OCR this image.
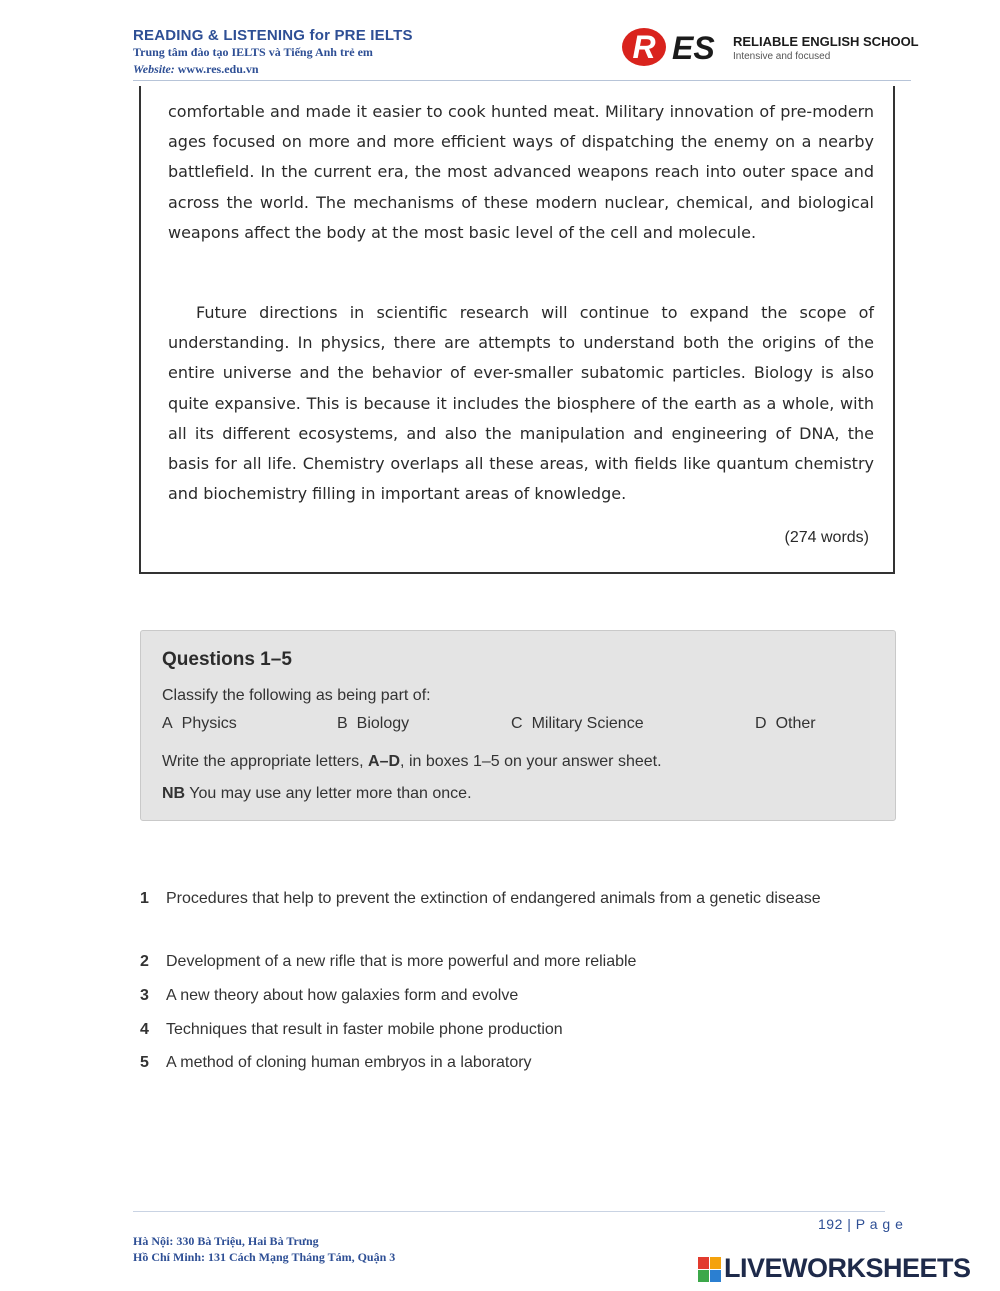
READING & LISTENING for PRE IELTS
Trung tâm đào tạo IELTS và Tiếng Anh trẻ em
Website: www.res.edu.vn
R ES RELIABLE ENGLISH SCHOOL
Intensive and focused
comfortable and made it easier to cook hunted meat. Military innovation of pre-modern ages focused on more and more efficient ways of dispatching the enemy on a nearby battlefield. In the current era, the most advanced weapons reach into outer space and across the world. The mechanisms of these modern nuclear, chemical, and biological weapons affect the body at the most basic level of the cell and molecule.
Future directions in scientific research will continue to expand the scope of understanding. In physics, there are attempts to understand both the origins of the entire universe and the behavior of ever-smaller subatomic particles. Biology is also quite expansive. This is because it includes the biosphere of the earth as a whole, with all its different ecosystems, and also the manipulation and engineering of DNA, the basis for all life. Chemistry overlaps all these areas, with fields like quantum chemistry and biochemistry filling in important areas of knowledge.
(274 words)
Questions 1–5
Classify the following as being part of:
A Physics	B Biology	C Military Science	D Other
Write the appropriate letters, A–D, in boxes 1–5 on your answer sheet.
NB You may use any letter more than once.
1 Procedures that help to prevent the extinction of endangered animals from a genetic disease
2 Development of a new rifle that is more powerful and more reliable
3 A new theory about how galaxies form and evolve
4 Techniques that result in faster mobile phone production
5 A method of cloning human embryos in a laboratory
192 | P a g e
Hà Nội: 330 Bà Triệu, Hai Bà Trưng
Hồ Chí Minh: 131 Cách Mạng Tháng Tám, Quận 3	LIVEWORKSHEETS
